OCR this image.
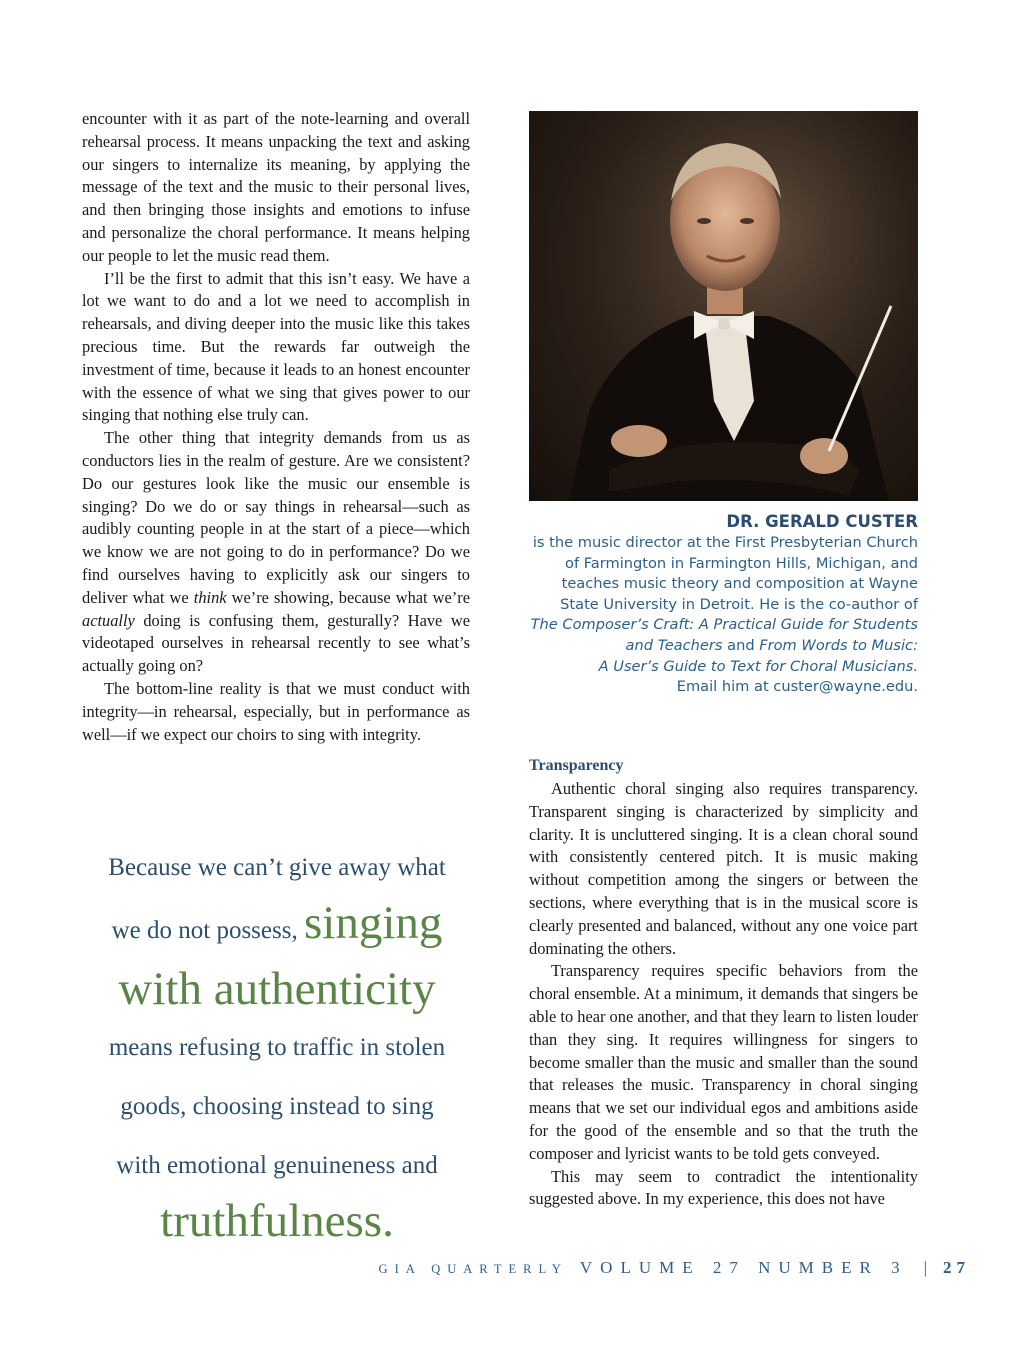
encounter with it as part of the note-learning and overall rehearsal process. It means unpacking the text and asking our singers to internalize its meaning, by applying the message of the text and the music to their personal lives, and then bringing those insights and emotions to infuse and personalize the choral performance. It means helping our people to let the music read them.

I’ll be the first to admit that this isn’t easy. We have a lot we want to do and a lot we need to accomplish in rehearsals, and diving deeper into the music like this takes precious time. But the rewards far outweigh the investment of time, because it leads to an honest encounter with the essence of what we sing that gives power to our singing that nothing else truly can.

The other thing that integrity demands from us as conductors lies in the realm of gesture. Are we consistent? Do our gestures look like the music our ensemble is singing? Do we do or say things in rehearsal—such as audibly counting people in at the start of a piece—which we know we are not going to do in performance? Do we find ourselves having to explicitly ask our singers to deliver what we think we’re showing, because what we’re actually doing is confusing them, gesturally? Have we videotaped ourselves in rehearsal recently to see what’s actually going on?

The bottom-line reality is that we must conduct with integrity—in rehearsal, especially, but in performance as well—if we expect our choirs to sing with integrity.

Because we can’t give away what
we do not possess, singing
with authenticity
means refusing to traffic in stolen
goods, choosing instead to sing
with emotional genuineness and
truthfulness.
DR. GERALD CUSTER
is the music director at the First Presbyterian Church
of Farmington in Farmington Hills, Michigan, and
teaches music theory and composition at Wayne
State University in Detroit. He is the co-author of
The Composer’s Craft: A Practical Guide for Students
and Teachers and From Words to Music:
A User’s Guide to Text for Choral Musicians.
Email him at custer@wayne.edu.
Transparency

Authentic choral singing also requires transparency. Transparent singing is characterized by simplicity and clarity. It is uncluttered singing. It is a clean choral sound with consistently centered pitch. It is music making without competition among the singers or between the sections, where everything that is in the musical score is clearly presented and balanced, without any one voice part dominating the others.

Transparency requires specific behaviors from the choral ensemble. At a minimum, it demands that singers be able to hear one another, and that they learn to listen louder than they sing. It requires willingness for singers to become smaller than the music and smaller than the sound that releases the music. Transparency in choral singing means that we set our individual egos and ambitions aside for the good of the ensemble and so that the truth the composer and lyricist wants to be told gets conveyed.

This may seem to contradict the intentionality suggested above. In my experience, this does not have

GIA QUARTERLY VOLUME 27 NUMBER 3 | 27
